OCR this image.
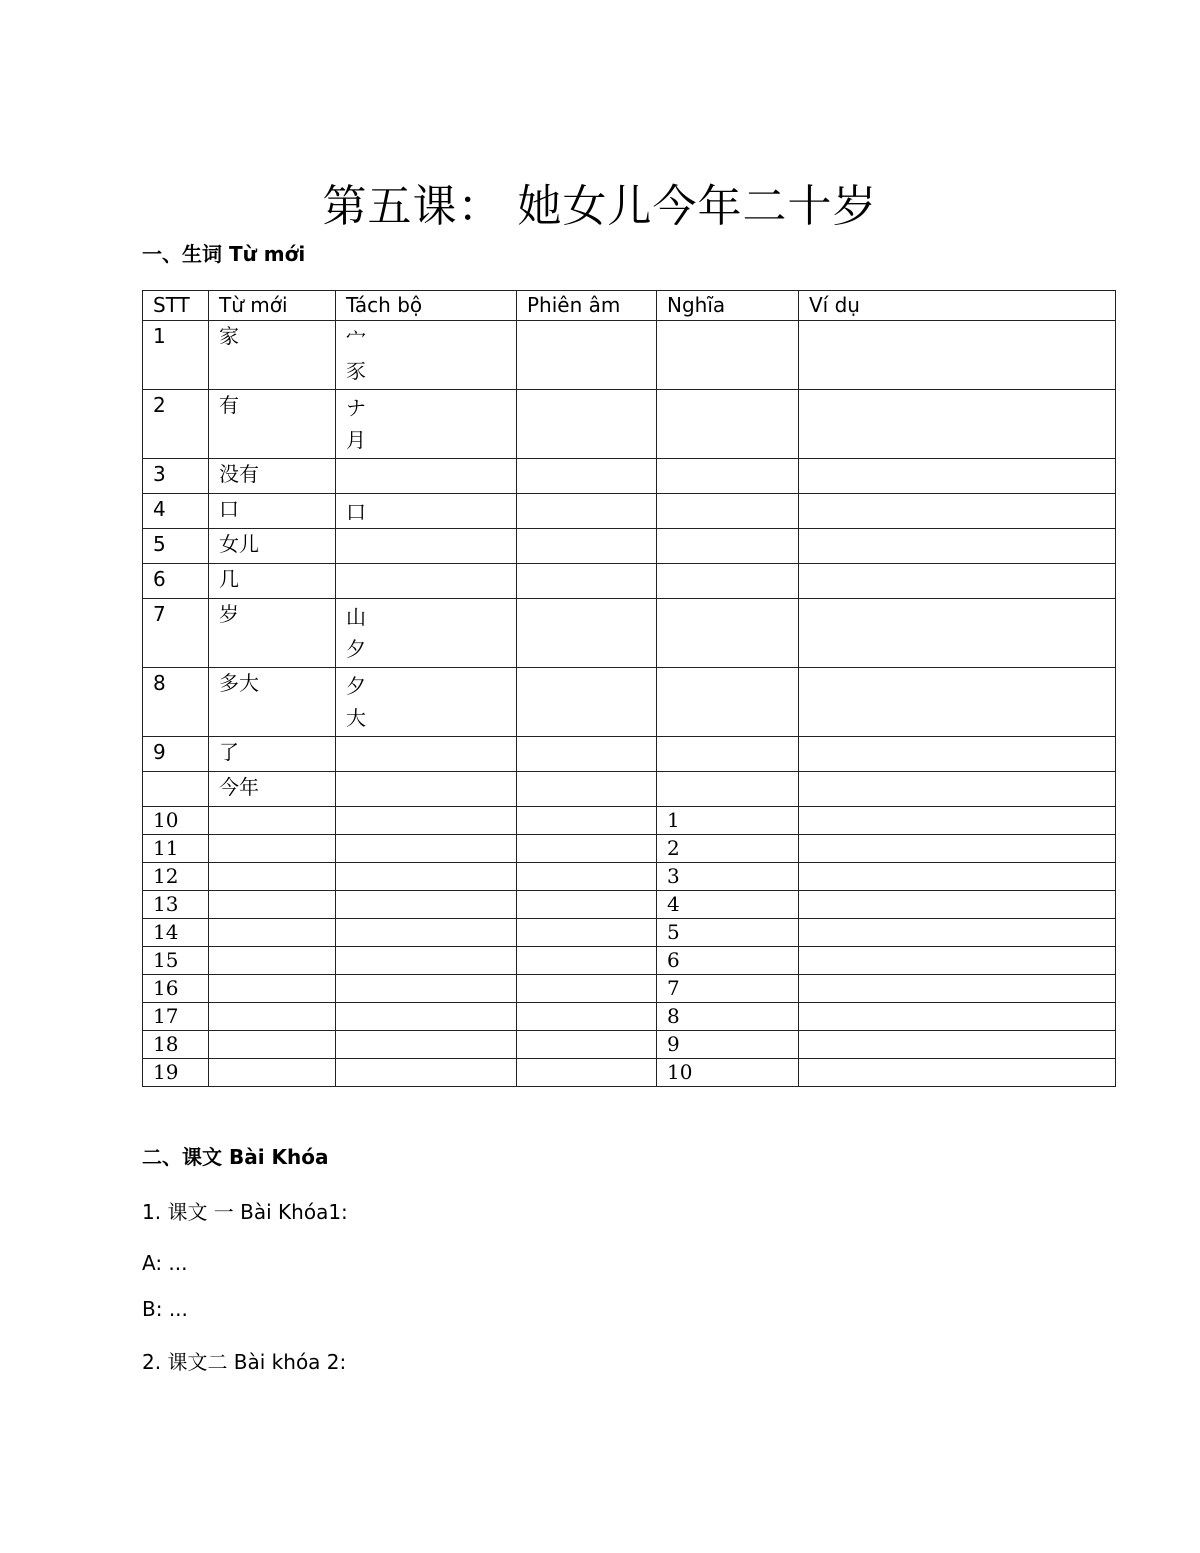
第五课： 她女儿今年二十岁
一、生词 Từ mới
STT	Từ mới	Tách bộ	Phiên âm	Nghĩa	Ví dụ
1	家	宀
豕			

2	有	ナ
月			

3	没有				
4	口	口			

5	女儿				
6	几				
7	岁	山
夕			

8	多大	夕
大			

9	了				
	今年				
10				1	
11				2	
12				3	
13				4	
14				5	
15				6	
16				7	
17				8	
18				9	
19				10	
二、课文 Bài Khóa
1. 课文 一 Bài Khóa1:
A: ...
B: ...
2. 课文二 Bài khóa 2:
